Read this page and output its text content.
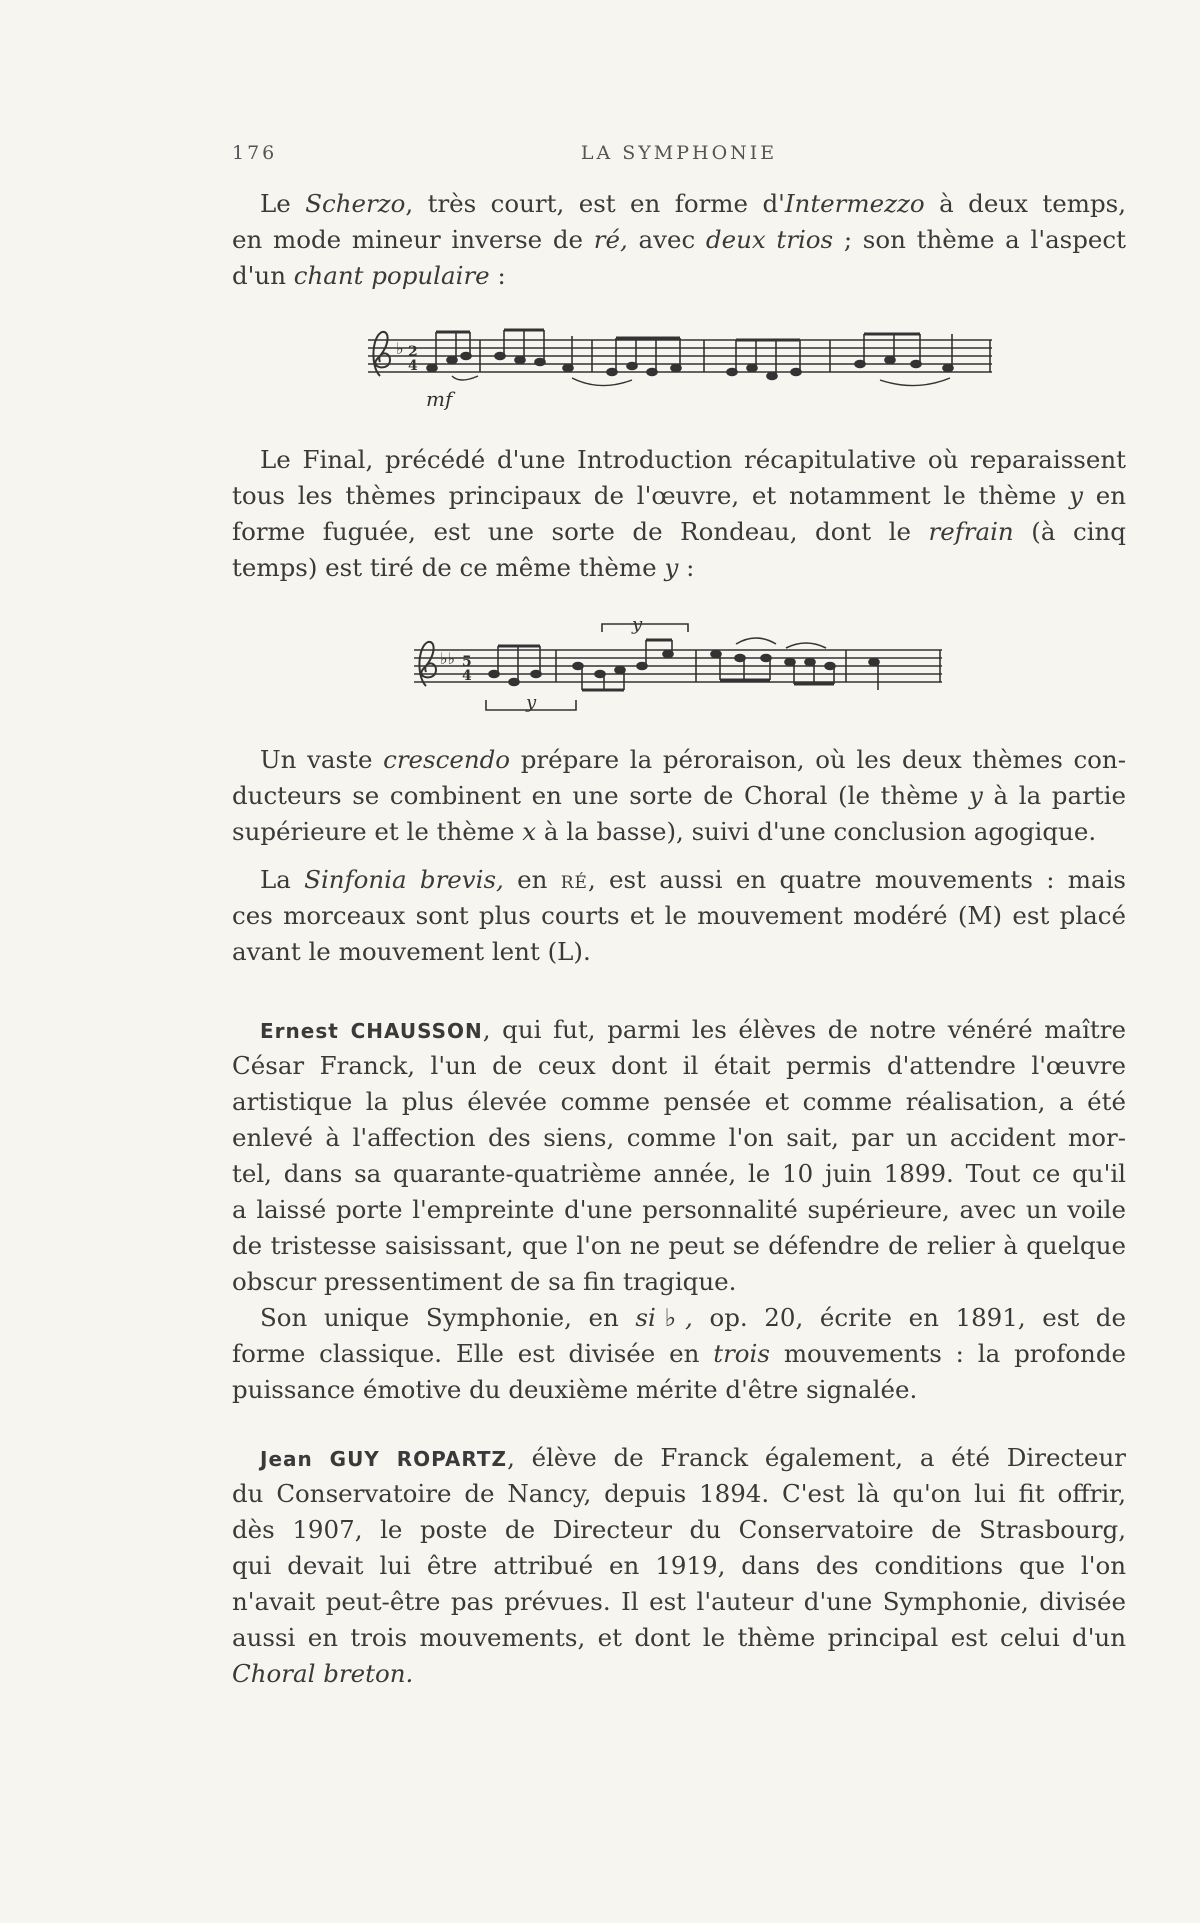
176	LA SYMPHONIE
Le Scherzo, très court, est en forme d'Intermezzo à deux temps,
en mode mineur inverse de ré, avec deux trios ; son thème a l'aspect
d'un chant populaire :
♭ 2
4
mf
Le Final, précédé d'une Introduction récapitulative où reparaissent
tous les thèmes principaux de l'œuvre, et notamment le thème y en
forme fuguée, est une sorte de Rondeau, dont le refrain (à cinq
temps) est tiré de ce même thème y :
♭♭ 5
4
y
y
Un vaste crescendo prépare la péroraison, où les deux thèmes con-
ducteurs se combinent en une sorte de Choral (le thème y à la partie
supérieure et le thème x à la basse), suivi d'une conclusion agogique.
La Sinfonia brevis, en ré, est aussi en quatre mouvements : mais
ces morceaux sont plus courts et le mouvement modéré (M) est placé
avant le mouvement lent (L).
Ernest CHAUSSON, qui fut, parmi les élèves de notre vénéré maître
César Franck, l'un de ceux dont il était permis d'attendre l'œuvre
artistique la plus élevée comme pensée et comme réalisation, a été
enlevé à l'affection des siens, comme l'on sait, par un accident mor-
tel, dans sa quarante-quatrième année, le 10 juin 1899. Tout ce qu'il
a laissé porte l'empreinte d'une personnalité supérieure, avec un voile
de tristesse saisissant, que l'on ne peut se défendre de relier à quelque
obscur pressentiment de sa fin tragique.
Son unique Symphonie, en si♭, op. 20, écrite en 1891, est de
forme classique. Elle est divisée en trois mouvements : la profonde
puissance émotive du deuxième mérite d'être signalée.
Jean GUY ROPARTZ, élève de Franck également, a été Directeur
du Conservatoire de Nancy, depuis 1894. C'est là qu'on lui fit offrir,
dès 1907, le poste de Directeur du Conservatoire de Strasbourg,
qui devait lui être attribué en 1919, dans des conditions que l'on
n'avait peut-être pas prévues. Il est l'auteur d'une Symphonie, divisée
aussi en trois mouvements, et dont le thème principal est celui d'un
Choral breton.
